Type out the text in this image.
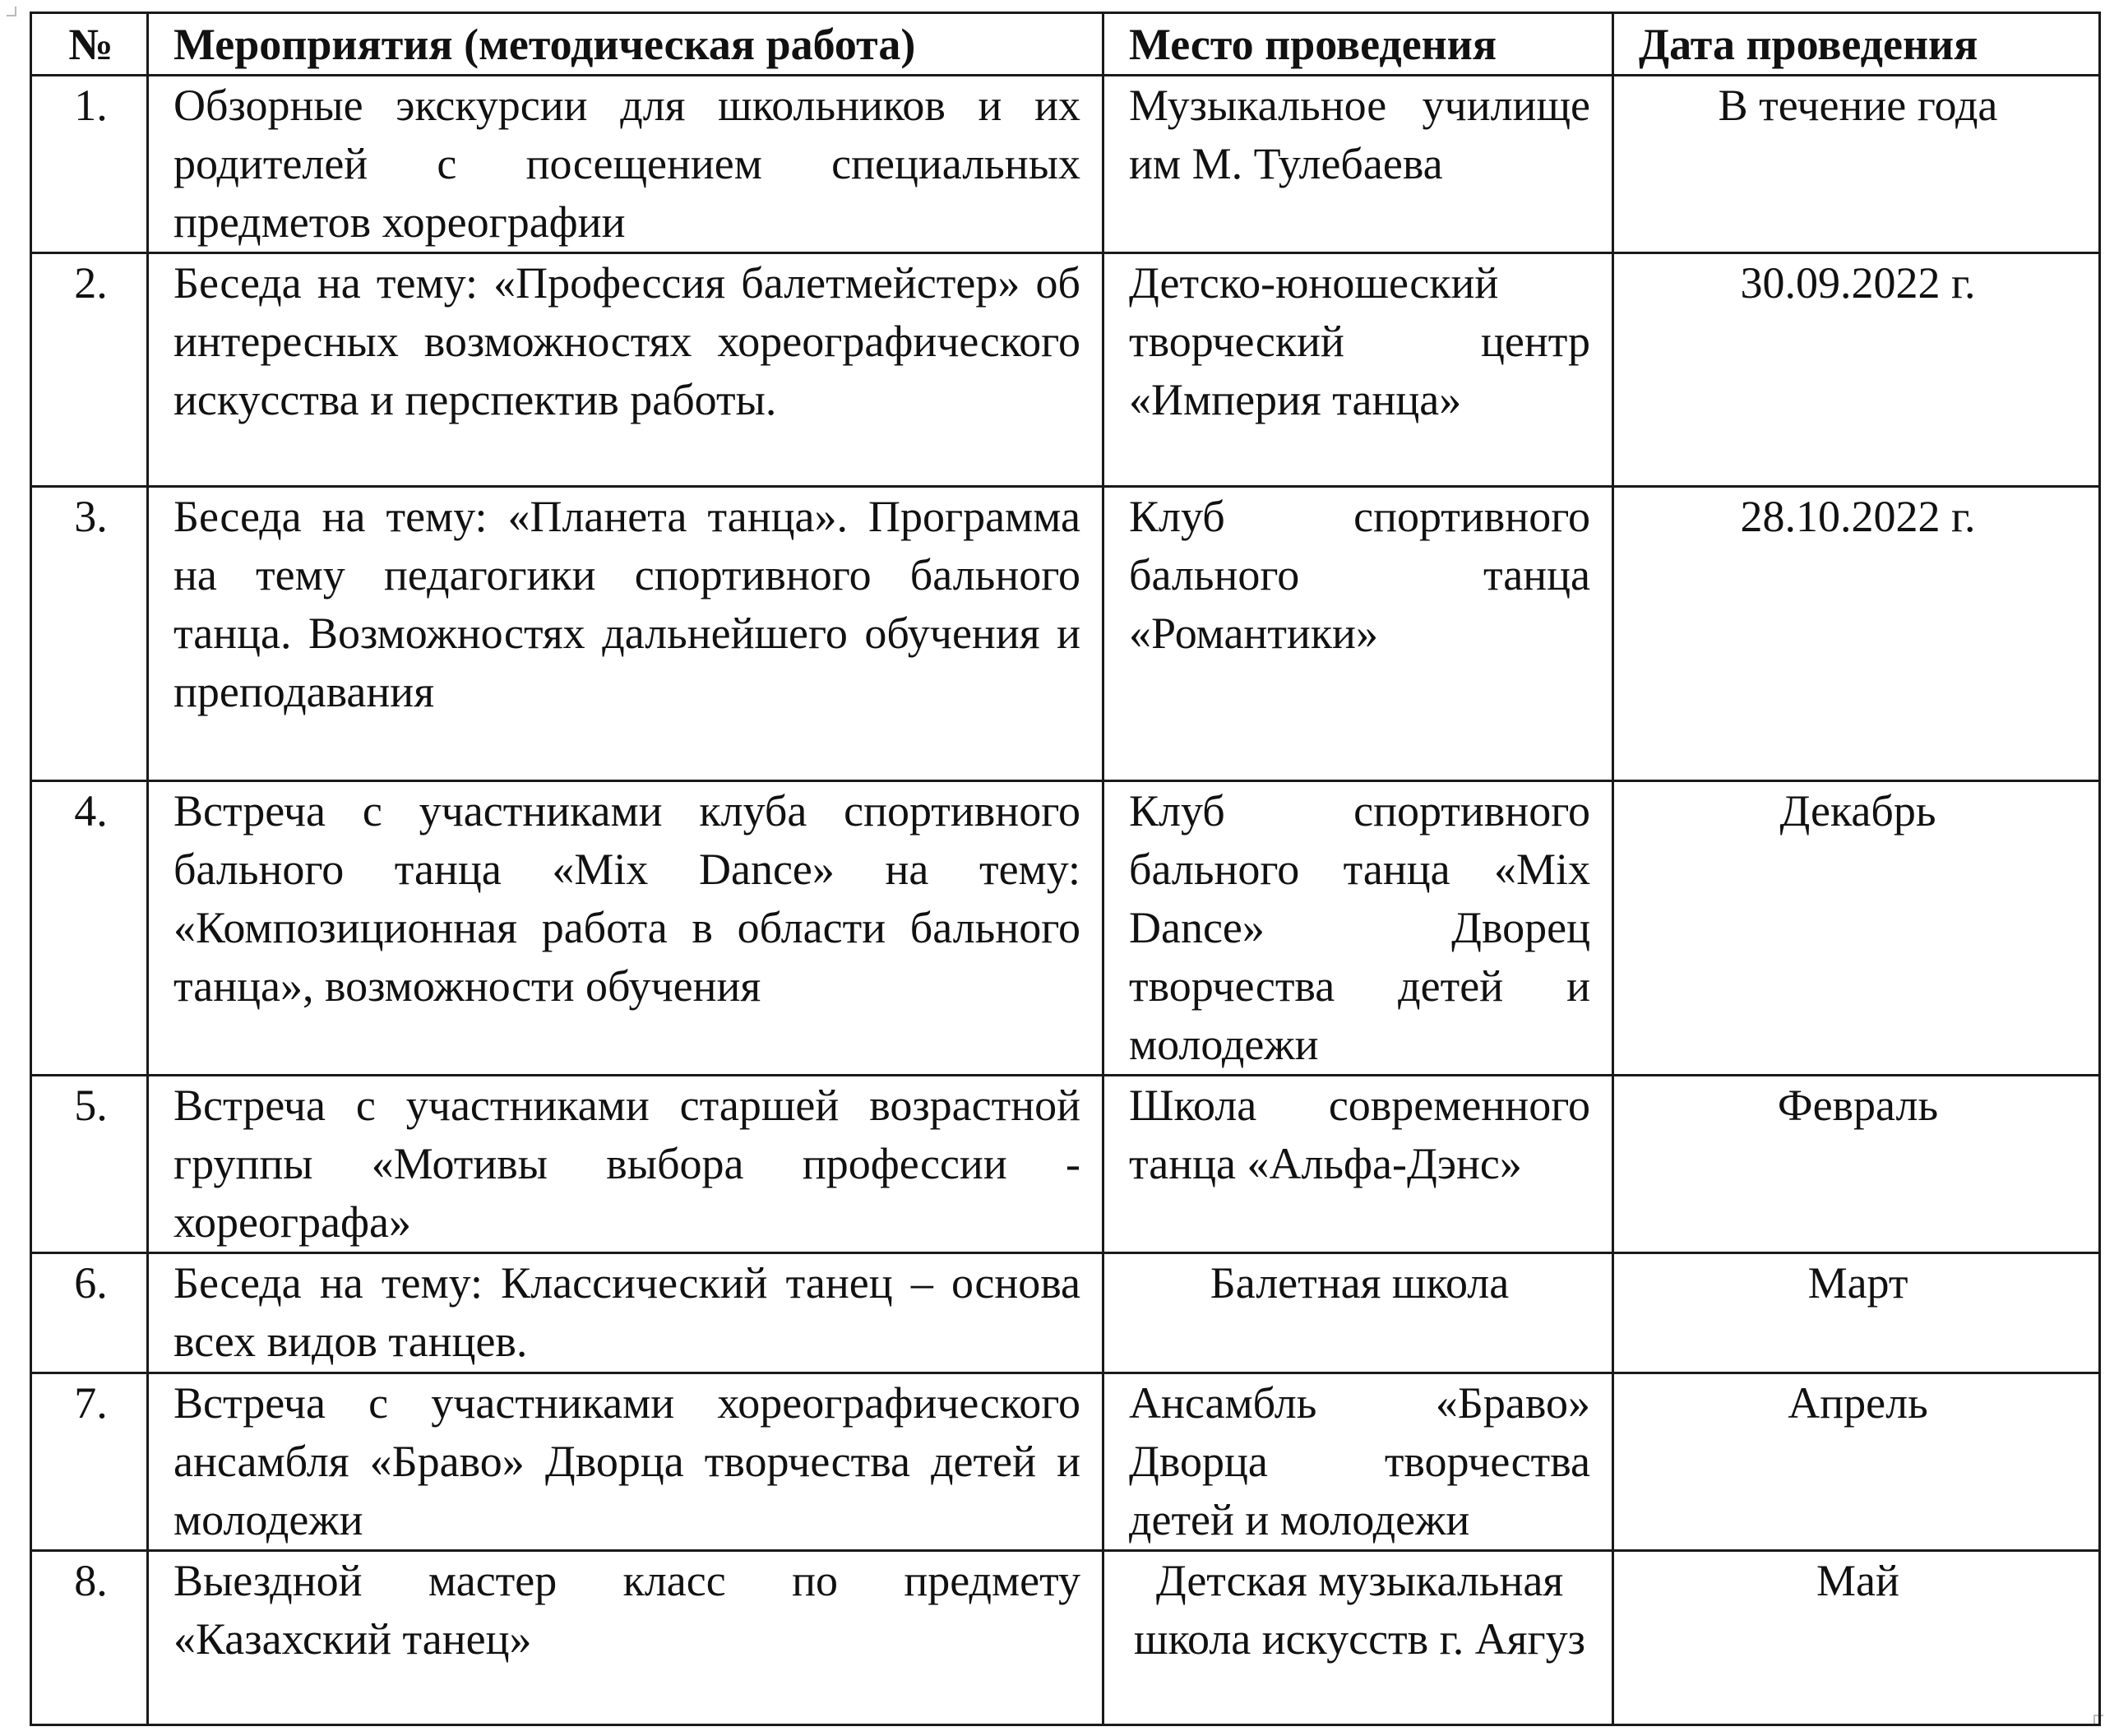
№	Мероприятия (методическая работа)	Место проведения	Дата проведения
1.	Обзорные экскурсии для школьников и их родителей с посещением специальных предметов хореографии	Музыкальное училище им М. Тулебаева	В течение года
2.	Беседа на тему: «Профессия балетмейстер» об интересных возможностях хореографического искусства и перспектив работы.	Детско-юношеский творческий центр «Империя танца»	30.09.2022 г.
3.	Беседа на тему: «Планета танца». Программа на тему педагогики спортивного бального танца. Возможностях дальнейшего обучения и преподавания	Клуб спортивного бального танца «Романтики»	28.10.2022 г.
4.	Встреча с участниками клуба спортивного бального танца «Mix Dance» на тему: «Композиционная работа в области бального танца», возможности обучения	Клуб спортивного бального танца «Mix Dance» Дворец творчества детей и молодежи	Декабрь
5.	Встреча с участниками старшей возрастной группы «Мотивы выбора профессии - хореографа»	Школа современного танца «Альфа-Дэнс»	Февраль
6.	Беседа на тему: Классический танец – основа всех видов танцев.	Балетная школа	Март
7.	Встреча с участниками хореографического ансамбля «Браво» Дворца творчества детей и молодежи	Ансамбль «Браво» Дворца творчества детей и молодежи	Апрель
8.	Выездной мастер класс по предмету «Казахский танец»	Детская музыкальная школа искусств г. Аягуз	Май
